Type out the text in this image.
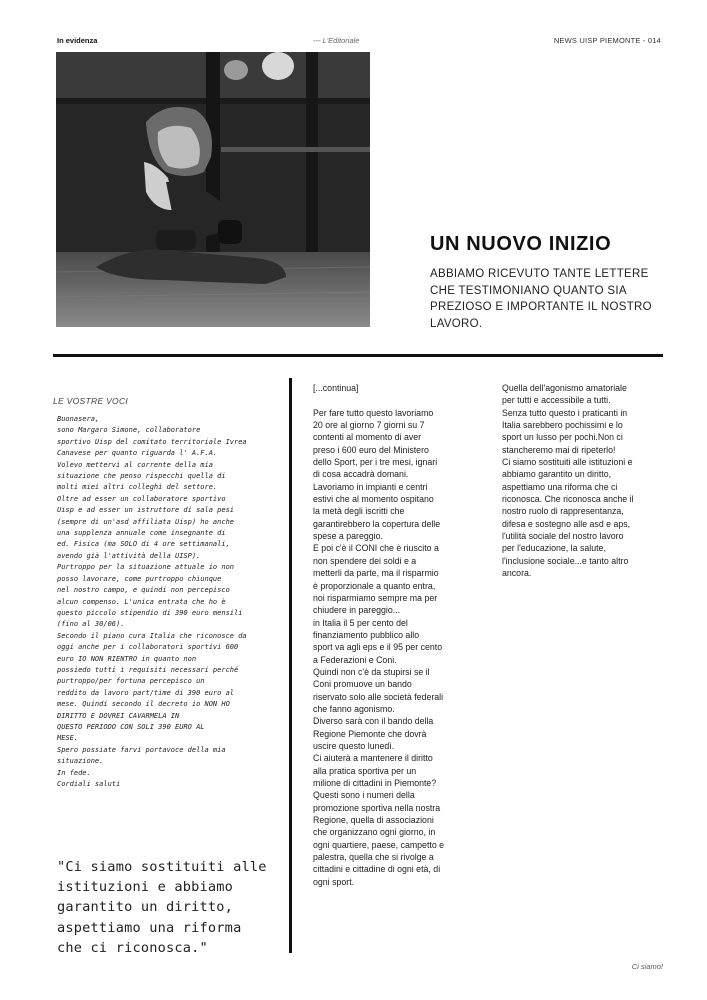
In evidenza	--- L'Editoriale	NEWS UISP PIEMONTE - 014
UN NUOVO INIZIO

ABBIAMO RICEVUTO TANTE LETTERE CHE TESTIMONIANO QUANTO SIA PREZIOSO E IMPORTANTE IL NOSTRO LAVORO.

LE VOSTRE VOCI
Buonasera,
sono Margaro Simone, collaboratore
sportivo Uisp del comitato territoriale Ivrea
Canavese per quanto riguarda l' A.F.A.
Volevo mettervi al corrente della mia
situazione che penso rispecchi quella di
molti miei altri colleghi del settore.
Oltre ad esser un collaboratore sportivo
Uisp e ad esser un istruttore di sala pesi
(sempre di un'asd affiliata Uisp) ho anche
una supplenza annuale come insegnante di
ed. Fisica (ma SOLO di 4 ore settimanali,
avendo già l'attività della UISP).
Purtroppo per la situazione attuale io non
posso lavorare, come purtroppo chiunque
nel nostro campo, e quindi non percepisco
alcun compenso. L'unica entrata che ho è
questo piccolo stipendio di 390 euro mensili
(fino al 30/06).
Secondo il piano cura Italia che riconosce da
oggi anche per i collaboratori sportivi 600
euro IO NON RIENTRO in quanto non
possiedo tutti i requisiti necessari perché
purtroppo/per fortuna percepisco un
reddito da lavoro part/time di 390 euro al
mese. Quindi secondo il decreto io NON HO
DIRITTO E DOVREI CAVARMELA IN
QUESTO PERIODO CON SOLI 390 EURO AL
MESE.
Spero possiate farvi portavoce della mia
situazione.
In fede.
Cordiali saluti
"Ci siamo sostituiti alle
istituzioni e abbiamo
garantito un diritto,
aspettiamo una riforma
che ci riconosca."
[...continua]

Per fare tutto questo lavoriamo
20 ore al giorno 7 giorni su 7
contenti al momento di aver
preso i 600 euro del Ministero
dello Sport, per i tre mesi, ignari
di cosa accadrà domani.
Lavoriamo in impianti e centri
estivi che al momento ospitano
la metà degli iscritti che
garantirebbero la copertura delle
spese a pareggio.
E poi c'è il CONI che è riuscito a
non spendere dei soldi e a
metterli da parte, ma il risparmio
è proporzionale a quanto entra,
noi risparmiamo sempre ma per
chiudere in pareggio...
in Italia il 5 per cento del
finanziamento pubblico allo
sport va agli eps e il 95 per cento
a Federazioni e Coni.
Quindi non c'è da stupirsi se il
Coni promuove un bando
riservato solo alle società federali
che fanno agonismo.
Diverso sarà con il bando della
Regione Piemonte che dovrà
uscire questo lunedì.
Ci aiuterà a mantenere il diritto
alla pratica sportiva per un
milione di cittadini in Piemonte?
Questi sono i numeri della
promozione sportiva nella nostra
Regione, quella di associazioni
che organizzano ogni giorno, in
ogni quartiere, paese, campetto e
palestra, quella che si rivolge a
cittadini e cittadine di ogni età, di
ogni sport.
Quella dell'agonismo amatoriale
per tutti e accessibile a tutti.
Senza tutto questo i praticanti in
Italia sarebbero pochissimi e lo
sport un lusso per pochi.Non ci
stancheremo mai di ripeterlo!
Ci siamo sostituiti alle istituzioni e
abbiamo garantito un diritto,
aspettiamo una riforma che ci
riconosca. Che riconosca anche il
nostro ruolo di rappresentanza,
difesa e sostegno alle asd e aps,
l'utilità sociale del nostro lavoro
per l'educazione, la salute,
l'inclusione sociale...e tanto altro
ancora.
Ci siamo!
